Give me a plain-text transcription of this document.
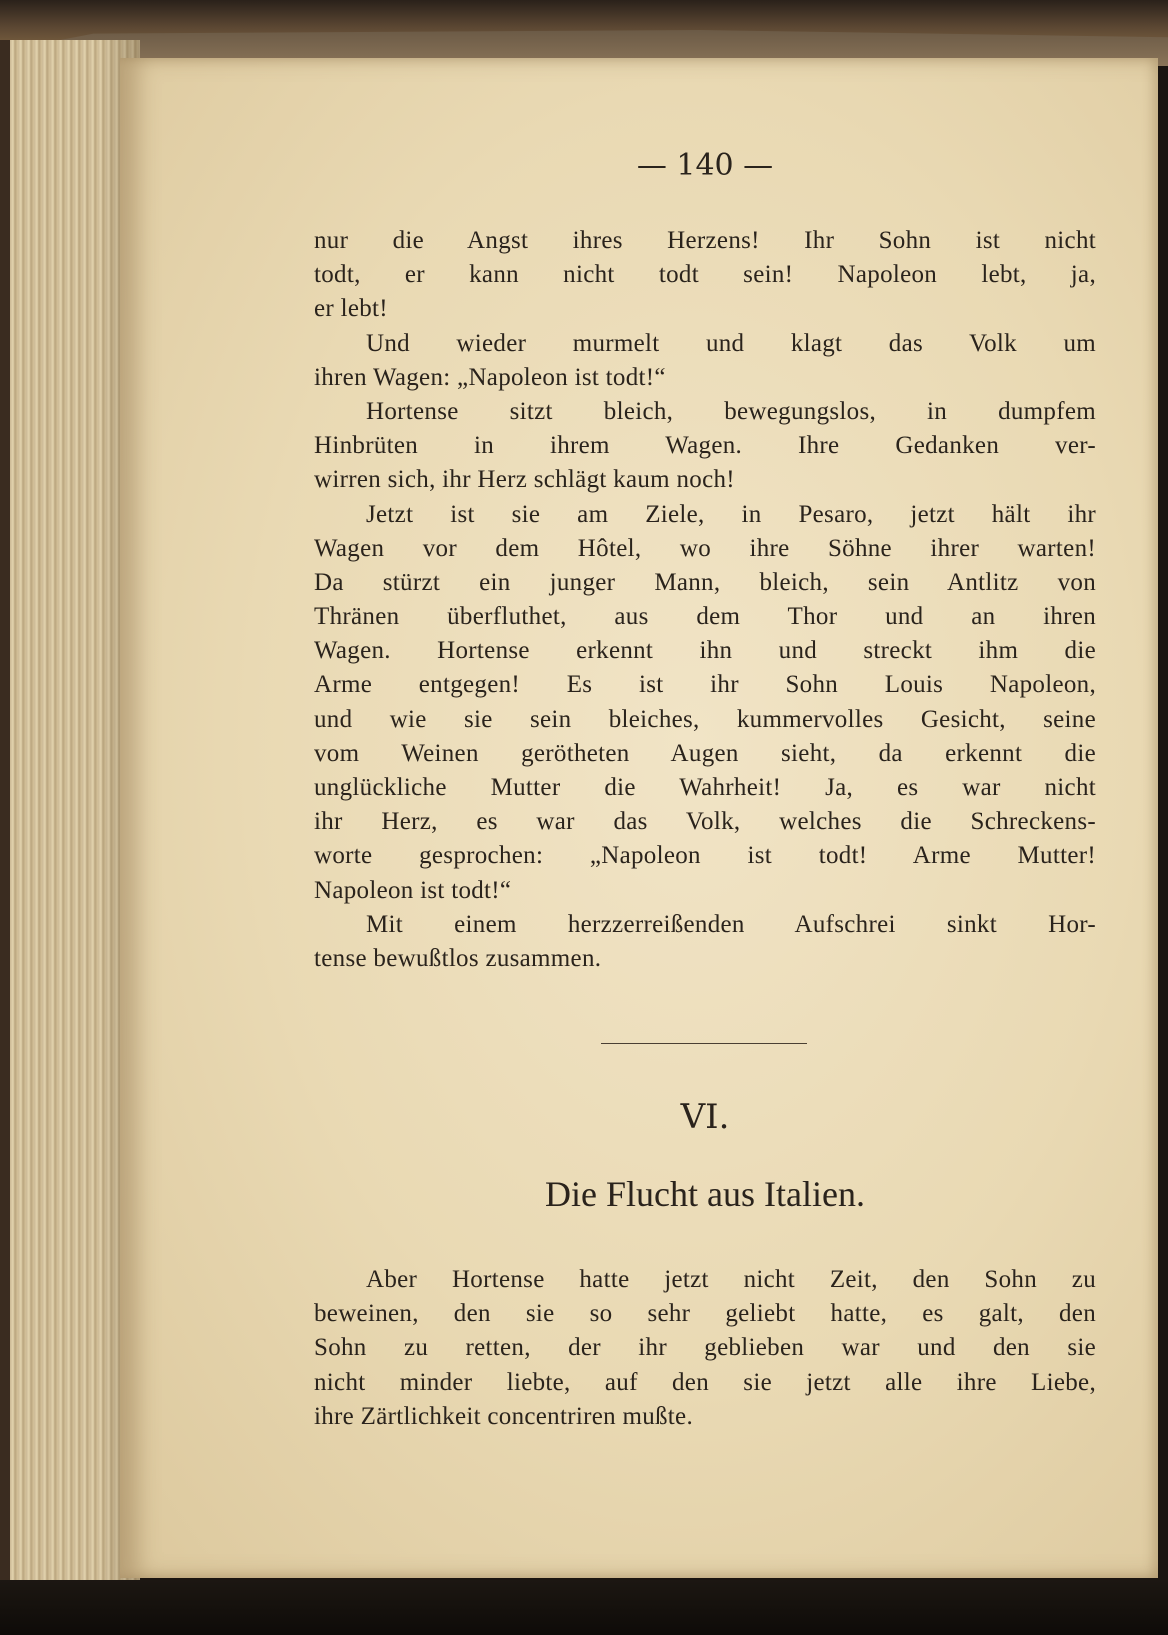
— 140 —
nur die Angst ihres Herzens! Ihr Sohn ist nicht
todt, er kann nicht todt sein! Napoleon lebt, ja,
er lebt!
Und wieder murmelt und klagt das Volk um
ihren Wagen: „Napoleon ist todt!“
Hortense sitzt bleich, bewegungslos, in dumpfem
Hinbrüten in ihrem Wagen. Ihre Gedanken ver-
wirren sich, ihr Herz schlägt kaum noch!
Jetzt ist sie am Ziele, in Pesaro, jetzt hält ihr
Wagen vor dem Hôtel, wo ihre Söhne ihrer warten!
Da stürzt ein junger Mann, bleich, sein Antlitz von
Thränen überfluthet, aus dem Thor und an ihren
Wagen. Hortense erkennt ihn und streckt ihm die
Arme entgegen! Es ist ihr Sohn Louis Napoleon,
und wie sie sein bleiches, kummervolles Gesicht, seine
vom Weinen gerötheten Augen sieht, da erkennt die
unglückliche Mutter die Wahrheit! Ja, es war nicht
ihr Herz, es war das Volk, welches die Schreckens-
worte gesprochen: „Napoleon ist todt! Arme Mutter!
Napoleon ist todt!“
Mit einem herzzerreißenden Aufschrei sinkt Hor-
tense bewußtlos zusammen.
VI.
Die Flucht aus Italien.
Aber Hortense hatte jetzt nicht Zeit, den Sohn zu
beweinen, den sie so sehr geliebt hatte, es galt, den
Sohn zu retten, der ihr geblieben war und den sie
nicht minder liebte, auf den sie jetzt alle ihre Liebe,
ihre Zärtlichkeit concentriren mußte.
